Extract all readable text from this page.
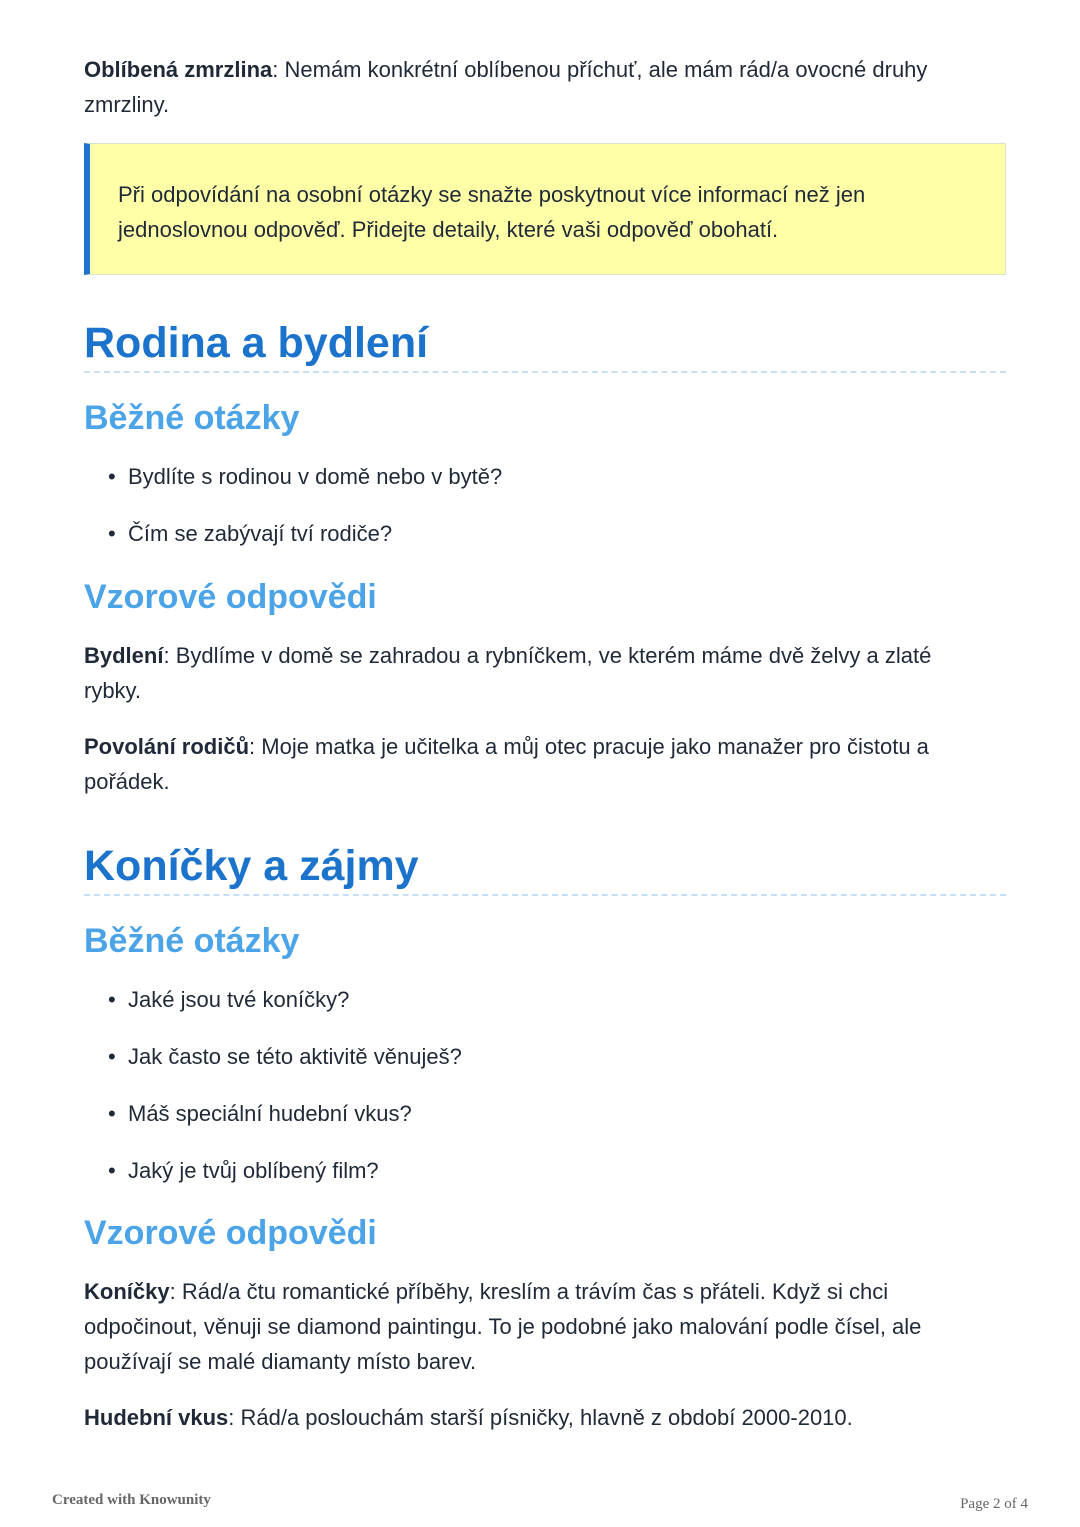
Oblíbená zmrzlina: Nemám konkrétní oblíbenou příchuť, ale mám rád/a ovocné druhy zmrzliny.

Při odpovídání na osobní otázky se snažte poskytnout více informací než jen jednoslovnou odpověď. Přidejte detaily, které vaši odpověď obohatí.
Rodina a bydlení
Běžné otázky
• Bydlíte s rodinou v domě nebo v bytě?
• Čím se zabývají tví rodiče?
Vzorové odpovědi

Bydlení: Bydlíme v domě se zahradou a rybníčkem, ve kterém máme dvě želvy a zlaté rybky.

Povolání rodičů: Moje matka je učitelka a můj otec pracuje jako manažer pro čistotu a pořádek.

Koníčky a zájmy
Běžné otázky
• Jaké jsou tvé koníčky?
• Jak často se této aktivitě věnuješ?
• Máš speciální hudební vkus?
• Jaký je tvůj oblíbený film?
Vzorové odpovědi

Koníčky: Rád/a čtu romantické příběhy, kreslím a trávím čas s přáteli. Když si chci odpočinout, věnuji se diamond paintingu. To je podobné jako malování podle čísel, ale používají se malé diamanty místo barev.

Hudební vkus: Rád/a poslouchám starší písničky, hlavně z období 2000-2010.

Created with Knowunity	Page 2 of 4
